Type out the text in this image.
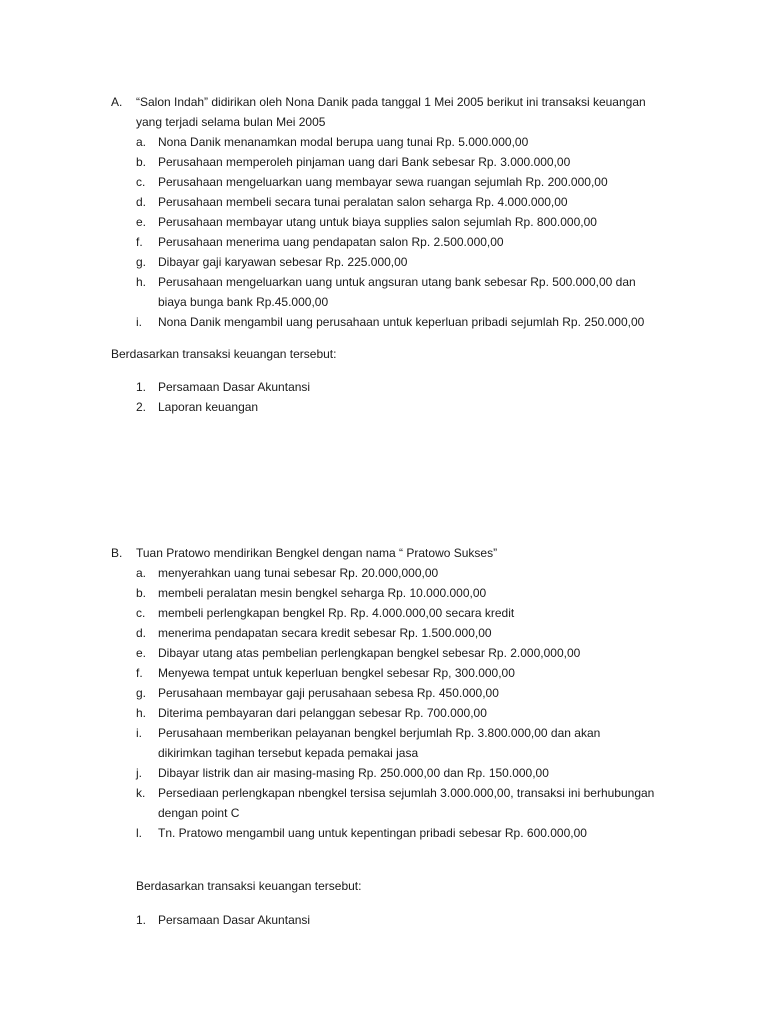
A. “Salon Indah” didirikan oleh Nona Danik pada tanggal 1 Mei 2005 berikut ini transaksi keuangan
yang terjadi selama bulan Mei 2005
a. Nona Danik menanamkan modal berupa uang tunai Rp. 5.000.000,00
b. Perusahaan memperoleh pinjaman uang dari Bank sebesar Rp. 3.000.000,00
c. Perusahaan mengeluarkan uang membayar sewa ruangan sejumlah Rp. 200.000,00
d. Perusahaan membeli secara tunai peralatan salon seharga Rp. 4.000.000,00
e. Perusahaan membayar utang untuk biaya supplies salon sejumlah Rp. 800.000,00
f. Perusahaan menerima uang pendapatan salon Rp. 2.500.000,00
g. Dibayar gaji karyawan sebesar Rp. 225.000,00
h. Perusahaan mengeluarkan uang untuk angsuran utang bank sebesar Rp. 500.000,00 dan
biaya bunga bank Rp.45.000,00
i. Nona Danik mengambil uang perusahaan untuk keperluan pribadi sejumlah Rp. 250.000,00
Berdasarkan transaksi keuangan tersebut:
1. Persamaan Dasar Akuntansi
2. Laporan keuangan
B. Tuan Pratowo mendirikan Bengkel dengan nama “ Pratowo Sukses”
a. menyerahkan uang tunai sebesar Rp. 20.000,000,00
b. membeli peralatan mesin bengkel seharga Rp. 10.000.000,00
c. membeli perlengkapan bengkel Rp. Rp. 4.000.000,00 secara kredit
d. menerima pendapatan secara kredit sebesar Rp. 1.500.000,00
e. Dibayar utang atas pembelian perlengkapan bengkel sebesar Rp. 2.000,000,00
f. Menyewa tempat untuk keperluan bengkel sebesar Rp, 300.000,00
g. Perusahaan membayar gaji perusahaan sebesa Rp. 450.000,00
h. Diterima pembayaran dari pelanggan sebesar Rp. 700.000,00
i. Perusahaan memberikan pelayanan bengkel berjumlah Rp. 3.800.000,00 dan akan
dikirimkan tagihan tersebut kepada pemakai jasa
j. Dibayar listrik dan air masing-masing Rp. 250.000,00 dan Rp. 150.000,00
k. Persediaan perlengkapan nbengkel tersisa sejumlah 3.000.000,00, transaksi ini berhubungan
dengan point C
l. Tn. Pratowo mengambil uang untuk kepentingan pribadi sebesar Rp. 600.000,00
Berdasarkan transaksi keuangan tersebut:
1. Persamaan Dasar Akuntansi
